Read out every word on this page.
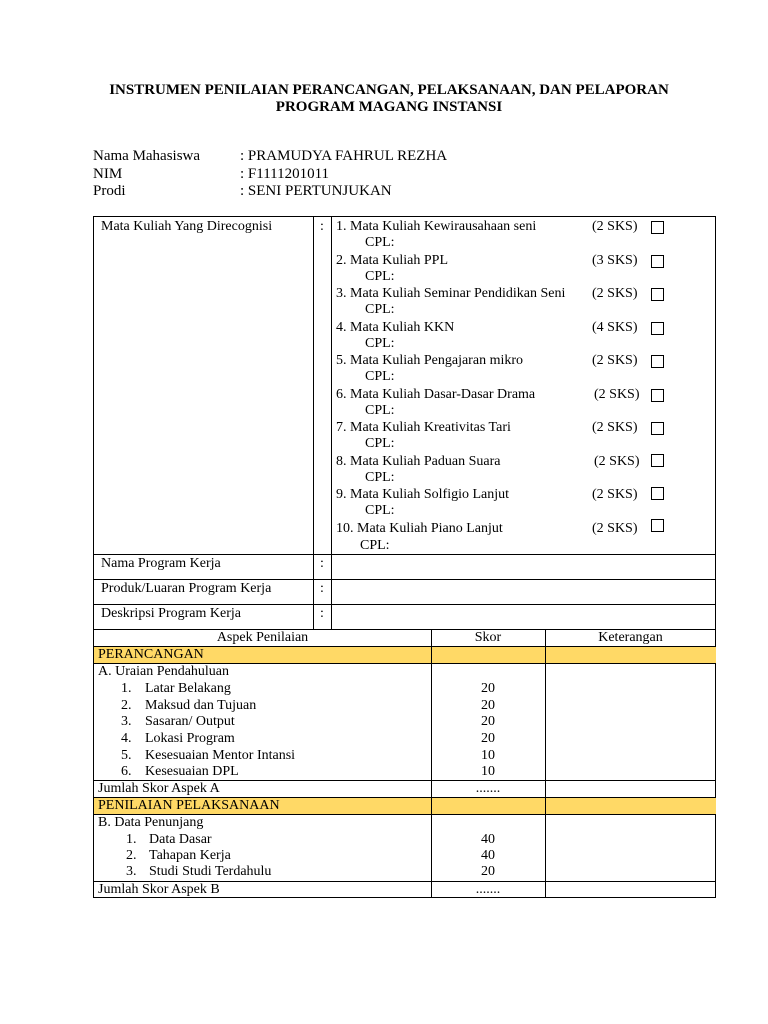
INSTRUMEN PENILAIAN PERANCANGAN, PELAKSANAAN, DAN PELAPORAN
PROGRAM MAGANG INSTANSI
Nama Mahasiswa	: PRAMUDYA FAHRUL REZHA
NIM	: F1111201011
Prodi	: SENI PERTUNJUKAN
Mata Kuliah Yang Direcognisi	: 1. Mata Kuliah Kewirausahaan seni	(2 SKS)
CPL:
2. Mata Kuliah PPL	(3 SKS)
CPL:
3. Mata Kuliah Seminar Pendidikan Seni (2 SKS)
CPL:
4. Mata Kuliah KKN	(4 SKS)
CPL:
5. Mata Kuliah Pengajaran mikro	(2 SKS)
CPL:
6. Mata Kuliah Dasar-Dasar Drama	(2 SKS)
CPL:
7. Mata Kuliah Kreativitas Tari	(2 SKS)
CPL:
8. Mata Kuliah Paduan Suara	(2 SKS)
CPL:
9. Mata Kuliah Solfigio Lanjut	(2 SKS)
CPL:
10. Mata Kuliah Piano Lanjut	(2 SKS)
CPL:
Nama Program Kerja	:
Produk/Luaran Program Kerja	:
Deskripsi Program Kerja	:
Aspek Penilaian	Skor	Keterangan
PERANCANGAN
A. Uraian Pendahuluan
1. Latar Belakang	20
2. Maksud dan Tujuan	20
3. Sasaran/ Output	20
4. Lokasi Program	20
5. Kesesuaian Mentor Intansi	10
6. Kesesuaian DPL	10
Jumlah Skor Aspek A	.......
PENILAIAN PELAKSANAAN
B. Data Penunjang
1. Data Dasar	40
2. Tahapan Kerja	40
3. Studi Studi Terdahulu	20
Jumlah Skor Aspek B	.......
